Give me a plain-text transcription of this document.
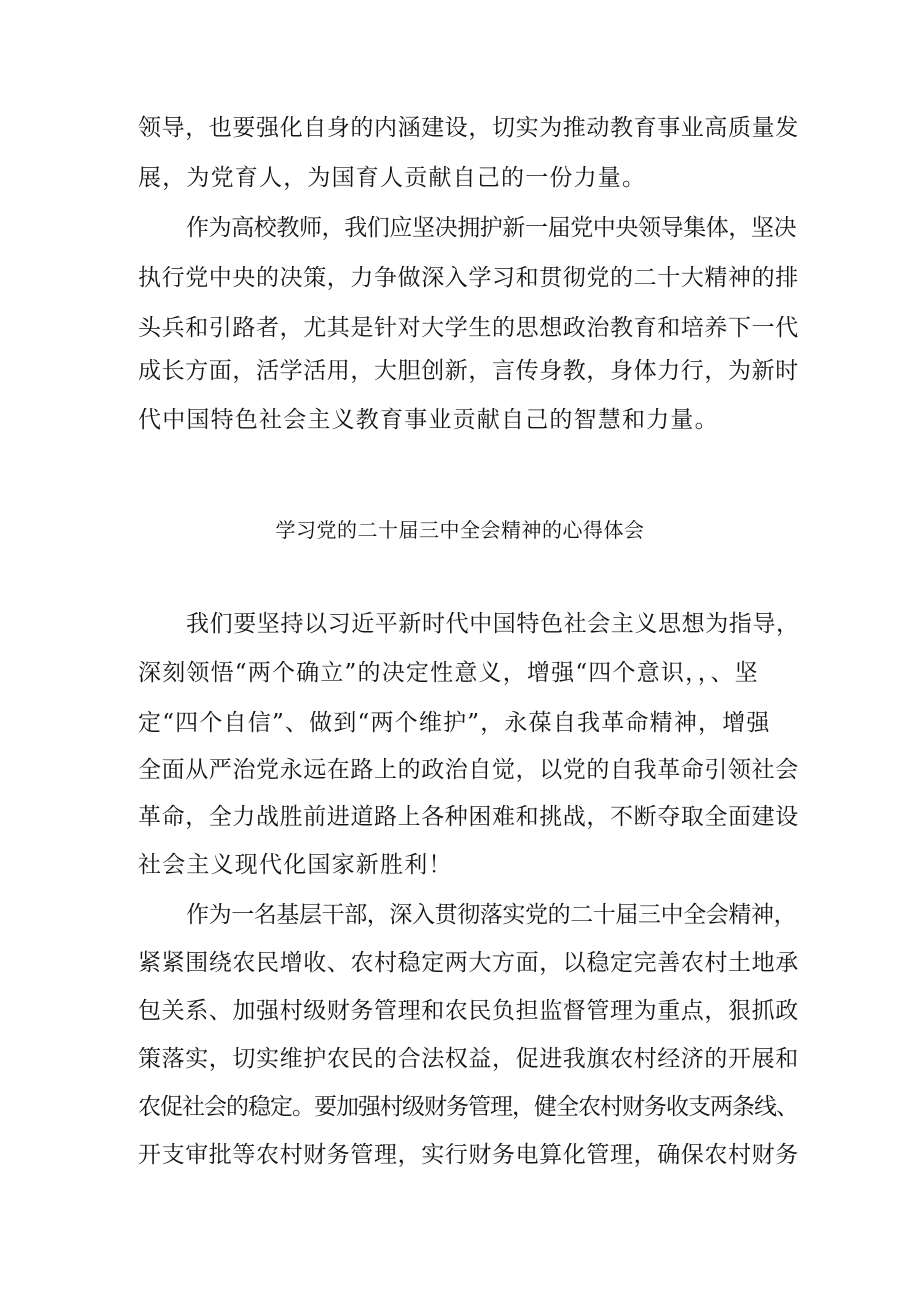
领导，也要强化自身的内涵建设，切实为推动教育事业高质量发
展，为党育人，为国育人贡献自己的一份力量。
作为高校教师，我们应坚决拥护新一届党中央领导集体，坚决
执行党中央的决策，力争做深入学习和贯彻党的二十大精神的排
头兵和引路者，尤其是针对大学生的思想政治教育和培养下一代
成长方面，活学活用，大胆创新，言传身教，身体力行，为新时
代中国特色社会主义教育事业贡献自己的智慧和力量。
学习党的二十届三中全会精神的心得体会
我们要坚持以习近平新时代中国特色社会主义思想为指导，
深刻领悟“两个确立”的决定性意义，增强“四个意识，，、坚
定“四个自信”、做到“两个维护”，永葆自我革命精神，增强
全面从严治党永远在路上的政治自觉，以党的自我革命引领社会
革命，全力战胜前进道路上各种困难和挑战，不断夺取全面建设
社会主义现代化国家新胜利！
作为一名基层干部，深入贯彻落实党的二十届三中全会精神，
紧紧围绕农民增收、农村稳定两大方面，以稳定完善农村土地承
包关系、加强村级财务管理和农民负担监督管理为重点，狠抓政
策落实，切实维护农民的合法权益，促进我旗农村经济的开展和
农促社会的稳定。要加强村级财务管理，健全农村财务收支两条线、
开支审批等农村财务管理，实行财务电算化管理，确保农村财务
